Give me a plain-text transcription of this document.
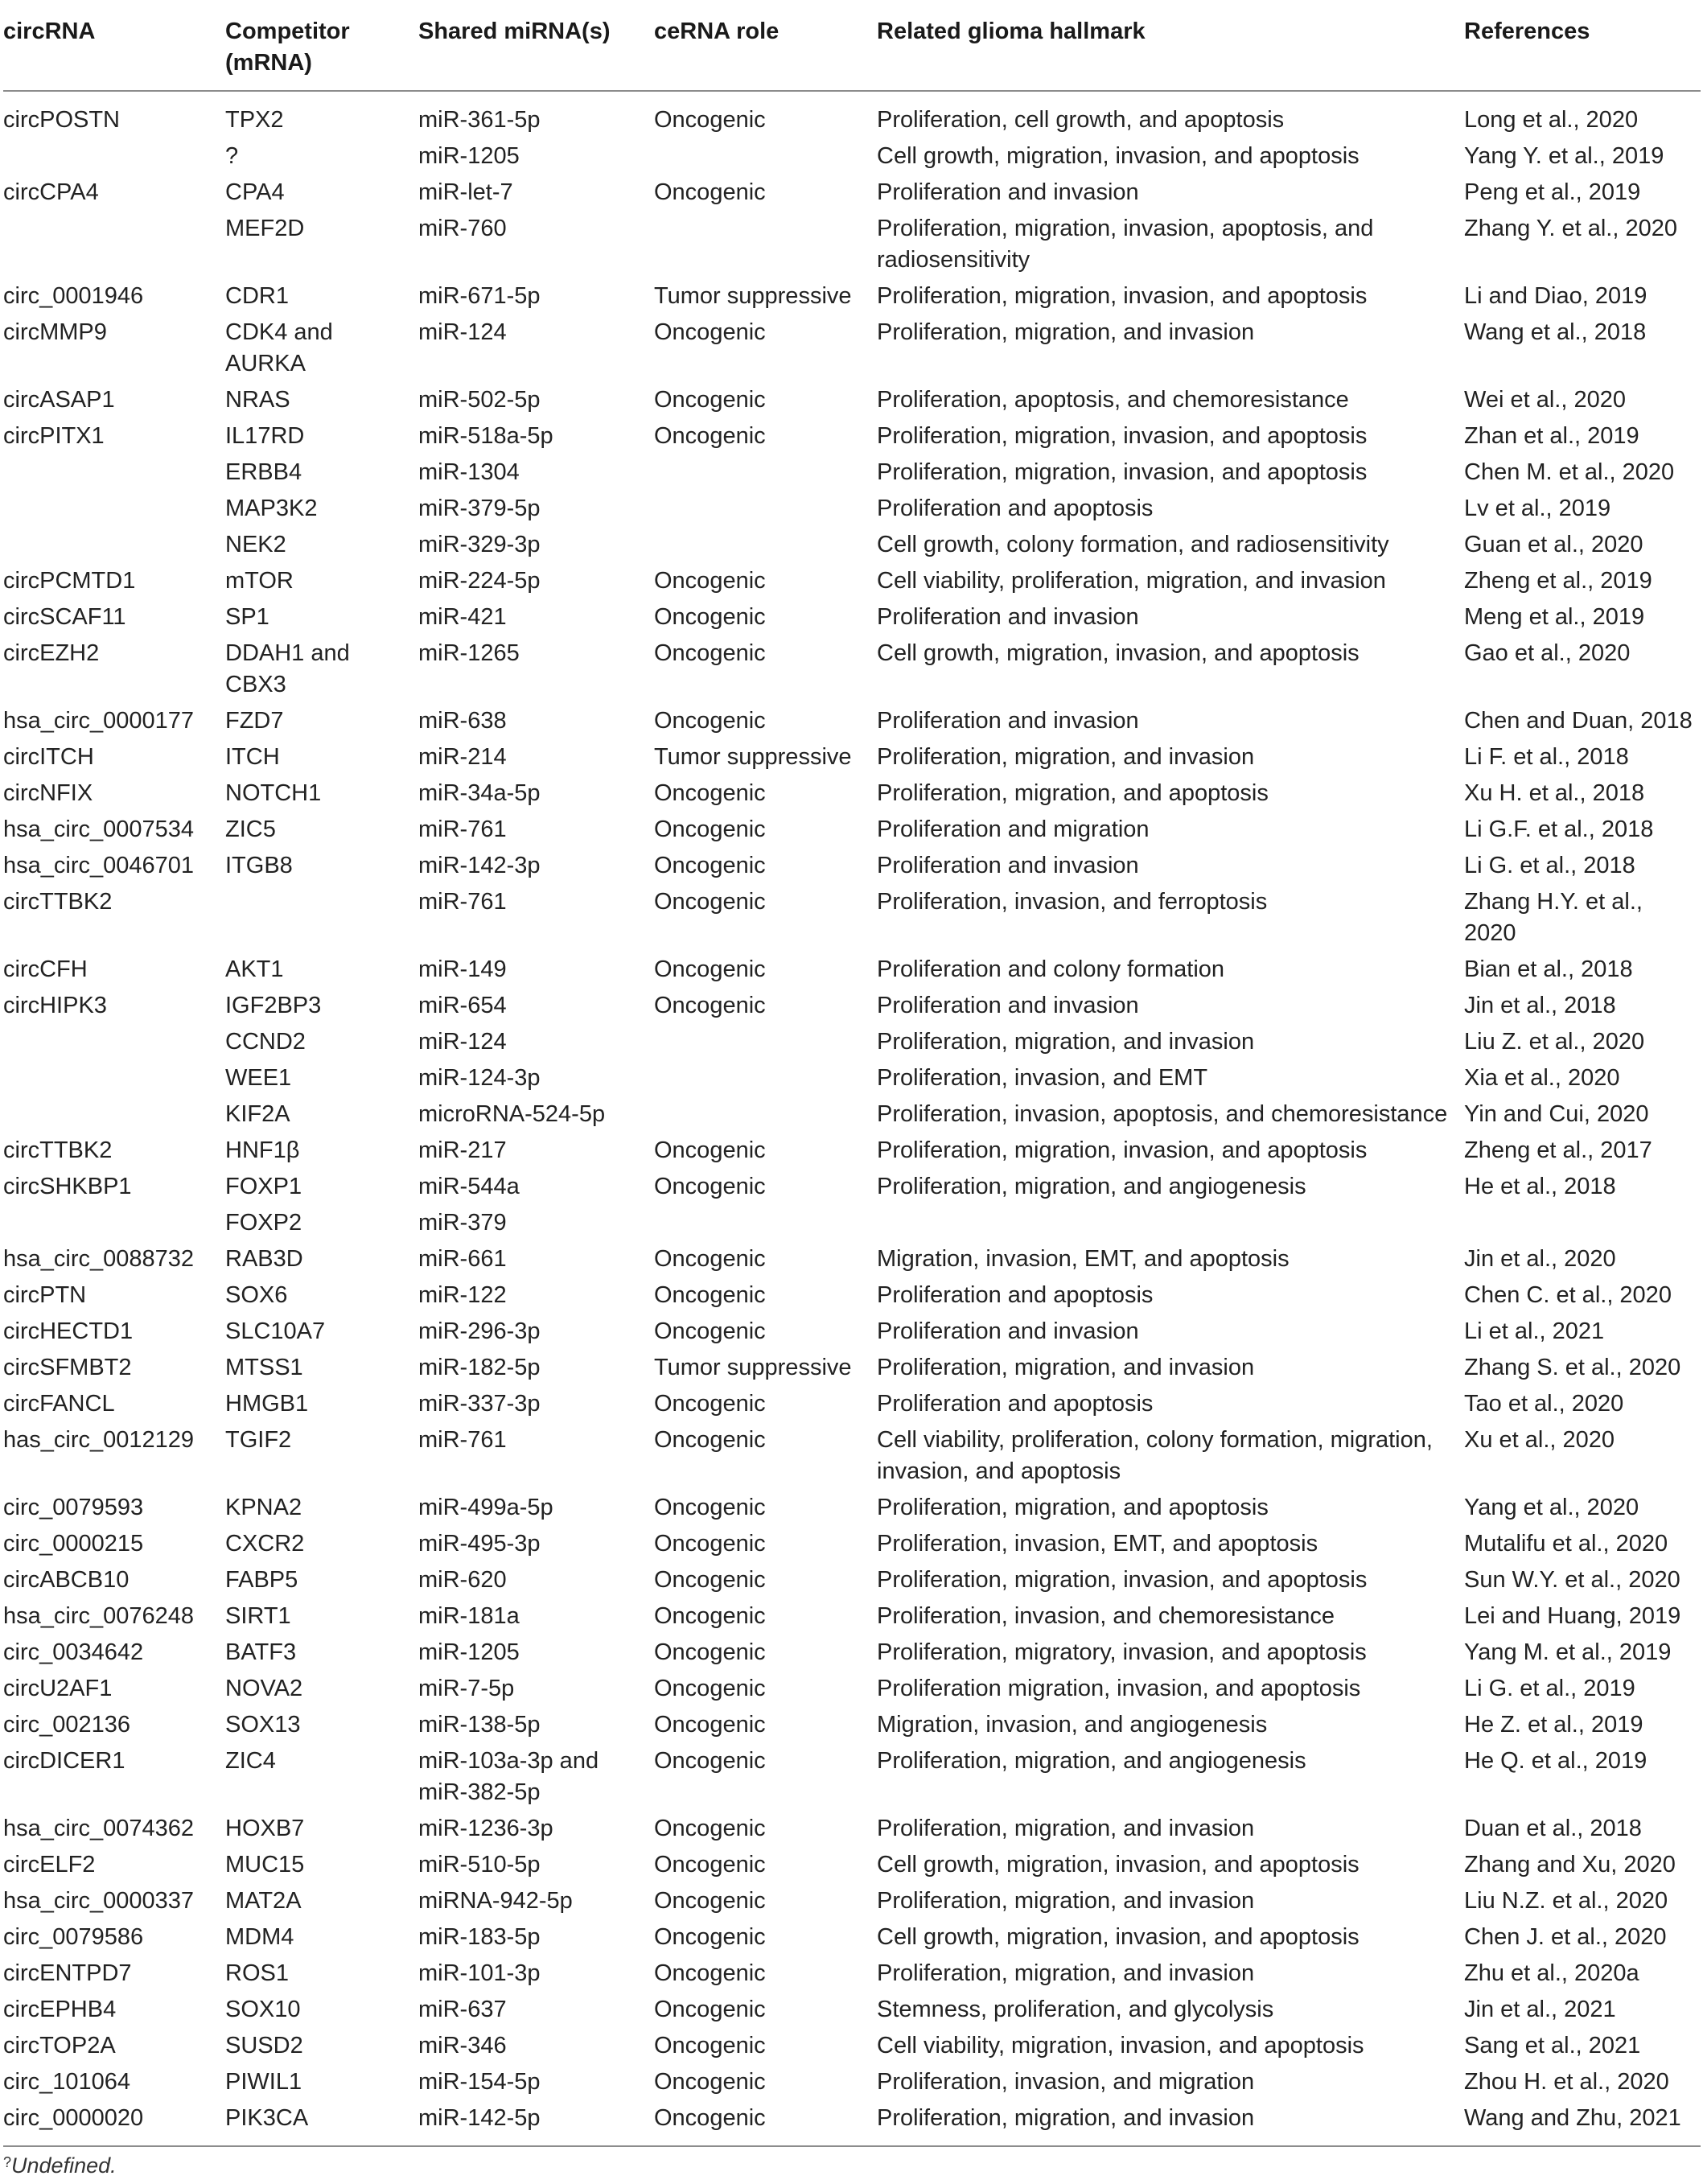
circRNA	Competitor (mRNA)	Shared miRNA(s)	ceRNA role	Related glioma hallmark	References
circPOSTN	TPX2	miR-361-5p	Oncogenic	Proliferation, cell growth, and apoptosis	Long et al., 2020
	?	miR-1205		Cell growth, migration, invasion, and apoptosis	Yang Y. et al., 2019
circCPA4	CPA4	miR-let-7	Oncogenic	Proliferation and invasion	Peng et al., 2019
	MEF2D	miR-760		Proliferation, migration, invasion, apoptosis, and radiosensitivity	Zhang Y. et al., 2020
circ_0001946	CDR1	miR-671-5p	Tumor suppressive	Proliferation, migration, invasion, and apoptosis	Li and Diao, 2019
circMMP9	CDK4 and AURKA	miR-124	Oncogenic	Proliferation, migration, and invasion	Wang et al., 2018
circASAP1	NRAS	miR-502-5p	Oncogenic	Proliferation, apoptosis, and chemoresistance	Wei et al., 2020
circPITX1	IL17RD	miR-518a-5p	Oncogenic	Proliferation, migration, invasion, and apoptosis	Zhan et al., 2019
	ERBB4	miR-1304		Proliferation, migration, invasion, and apoptosis	Chen M. et al., 2020
	MAP3K2	miR-379-5p		Proliferation and apoptosis	Lv et al., 2019
	NEK2	miR-329-3p		Cell growth, colony formation, and radiosensitivity	Guan et al., 2020
circPCMTD1	mTOR	miR-224-5p	Oncogenic	Cell viability, proliferation, migration, and invasion	Zheng et al., 2019
circSCAF11	SP1	miR-421	Oncogenic	Proliferation and invasion	Meng et al., 2019
circEZH2	DDAH1 and CBX3	miR-1265	Oncogenic	Cell growth, migration, invasion, and apoptosis	Gao et al., 2020
hsa_circ_0000177	FZD7	miR-638	Oncogenic	Proliferation and invasion	Chen and Duan, 2018
circITCH	ITCH	miR-214	Tumor suppressive	Proliferation, migration, and invasion	Li F. et al., 2018
circNFIX	NOTCH1	miR-34a-5p	Oncogenic	Proliferation, migration, and apoptosis	Xu H. et al., 2018
hsa_circ_0007534	ZIC5	miR-761	Oncogenic	Proliferation and migration	Li G.F. et al., 2018
hsa_circ_0046701	ITGB8	miR-142-3p	Oncogenic	Proliferation and invasion	Li G. et al., 2018
circTTBK2		miR-761	Oncogenic	Proliferation, invasion, and ferroptosis	Zhang H.Y. et al., 2020
circCFH	AKT1	miR-149	Oncogenic	Proliferation and colony formation	Bian et al., 2018
circHIPK3	IGF2BP3	miR-654	Oncogenic	Proliferation and invasion	Jin et al., 2018
	CCND2	miR-124		Proliferation, migration, and invasion	Liu Z. et al., 2020
	WEE1	miR-124-3p		Proliferation, invasion, and EMT	Xia et al., 2020
	KIF2A	microRNA-524-5p		Proliferation, invasion, apoptosis, and chemoresistance	Yin and Cui, 2020
circTTBK2	HNF1β	miR-217	Oncogenic	Proliferation, migration, invasion, and apoptosis	Zheng et al., 2017
circSHKBP1	FOXP1	miR-544a	Oncogenic	Proliferation, migration, and angiogenesis	He et al., 2018
	FOXP2	miR-379			
hsa_circ_0088732	RAB3D	miR-661	Oncogenic	Migration, invasion, EMT, and apoptosis	Jin et al., 2020
circPTN	SOX6	miR-122	Oncogenic	Proliferation and apoptosis	Chen C. et al., 2020
circHECTD1	SLC10A7	miR-296-3p	Oncogenic	Proliferation and invasion	Li et al., 2021
circSFMBT2	MTSS1	miR-182-5p	Tumor suppressive	Proliferation, migration, and invasion	Zhang S. et al., 2020
circFANCL	HMGB1	miR-337-3p	Oncogenic	Proliferation and apoptosis	Tao et al., 2020
has_circ_0012129	TGIF2	miR-761	Oncogenic	Cell viability, proliferation, colony formation, migration, invasion, and apoptosis	Xu et al., 2020
circ_0079593	KPNA2	miR-499a-5p	Oncogenic	Proliferation, migration, and apoptosis	Yang et al., 2020
circ_0000215	CXCR2	miR-495-3p	Oncogenic	Proliferation, invasion, EMT, and apoptosis	Mutalifu et al., 2020
circABCB10	FABP5	miR-620	Oncogenic	Proliferation, migration, invasion, and apoptosis	Sun W.Y. et al., 2020
hsa_circ_0076248	SIRT1	miR-181a	Oncogenic	Proliferation, invasion, and chemoresistance	Lei and Huang, 2019
circ_0034642	BATF3	miR-1205	Oncogenic	Proliferation, migratory, invasion, and apoptosis	Yang M. et al., 2019
circU2AF1	NOVA2	miR-7-5p	Oncogenic	Proliferation migration, invasion, and apoptosis	Li G. et al., 2019
circ_002136	SOX13	miR-138-5p	Oncogenic	Migration, invasion, and angiogenesis	He Z. et al., 2019
circDICER1	ZIC4	miR-103a-3p and miR-382-5p	Oncogenic	Proliferation, migration, and angiogenesis	He Q. et al., 2019
hsa_circ_0074362	HOXB7	miR-1236-3p	Oncogenic	Proliferation, migration, and invasion	Duan et al., 2018
circELF2	MUC15	miR-510-5p	Oncogenic	Cell growth, migration, invasion, and apoptosis	Zhang and Xu, 2020
hsa_circ_0000337	MAT2A	miRNA-942-5p	Oncogenic	Proliferation, migration, and invasion	Liu N.Z. et al., 2020
circ_0079586	MDM4	miR-183-5p	Oncogenic	Cell growth, migration, invasion, and apoptosis	Chen J. et al., 2020
circENTPD7	ROS1	miR-101-3p	Oncogenic	Proliferation, migration, and invasion	Zhu et al., 2020a
circEPHB4	SOX10	miR-637	Oncogenic	Stemness, proliferation, and glycolysis	Jin et al., 2021
circTOP2A	SUSD2	miR-346	Oncogenic	Cell viability, migration, invasion, and apoptosis	Sang et al., 2021
circ_101064	PIWIL1	miR-154-5p	Oncogenic	Proliferation, invasion, and migration	Zhou H. et al., 2020
circ_0000020	PIK3CA	miR-142-5p	Oncogenic	Proliferation, migration, and invasion	Wang and Zhu, 2021
?Undefined.
